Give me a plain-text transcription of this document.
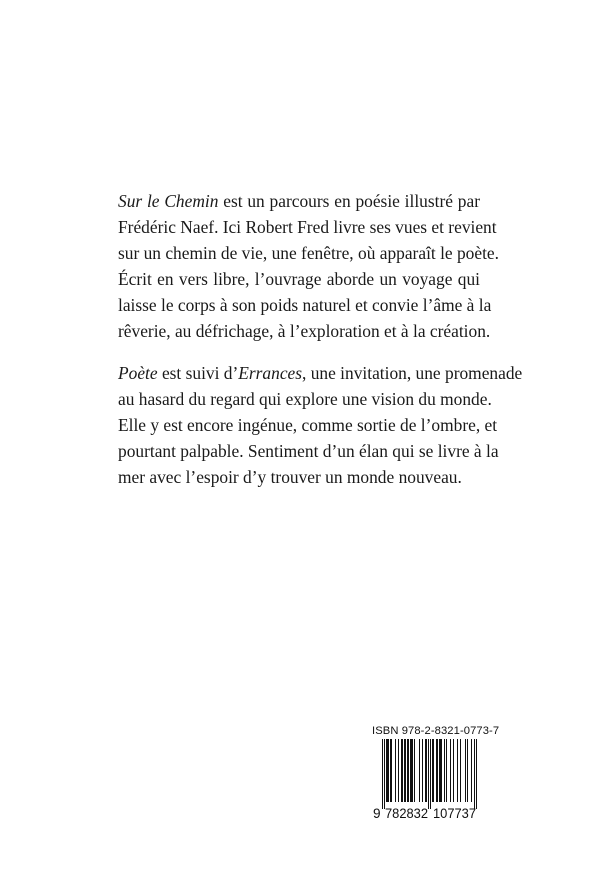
Sur le Chemin est un parcours en poésie illustré par
Frédéric Naef. Ici Robert Fred livre ses vues et revient
sur un chemin de vie, une fenêtre, où apparaît le poète.
Écrit en vers libre, l’ouvrage aborde un voyage qui
laisse le corps à son poids naturel et convie l’âme à la
rêverie, au défrichage, à l’exploration et à la création.
Poète est suivi d’Errances, une invitation, une promenade
au hasard du regard qui explore une vision du monde.
Elle y est encore ingénue, comme sortie de l’ombre, et
pourtant palpable. Sentiment d’un élan qui se livre à la
mer avec l’espoir d’y trouver un monde nouveau.
ISBN 978-2-8321-0773-7
9 782832 107737
